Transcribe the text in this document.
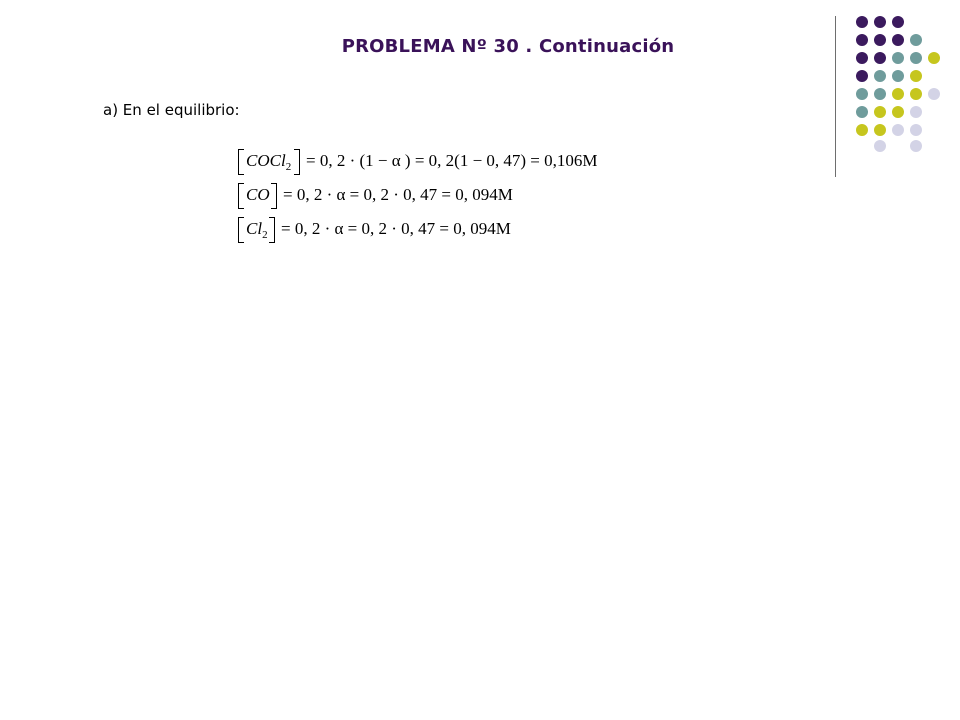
PROBLEMA Nº 30 . Continuación
a) En el equilibrio:
COCl$_2$ = 0, 2 · (1 − α ) = 0, 2(1 − 0, 47) = 0,106M
CO = 0, 2 · α = 0, 2 · 0, 47 = 0, 094M
$Cl_2 = 0$, 2 · α = 0, 2 · 0, 47 = 0, 094M
